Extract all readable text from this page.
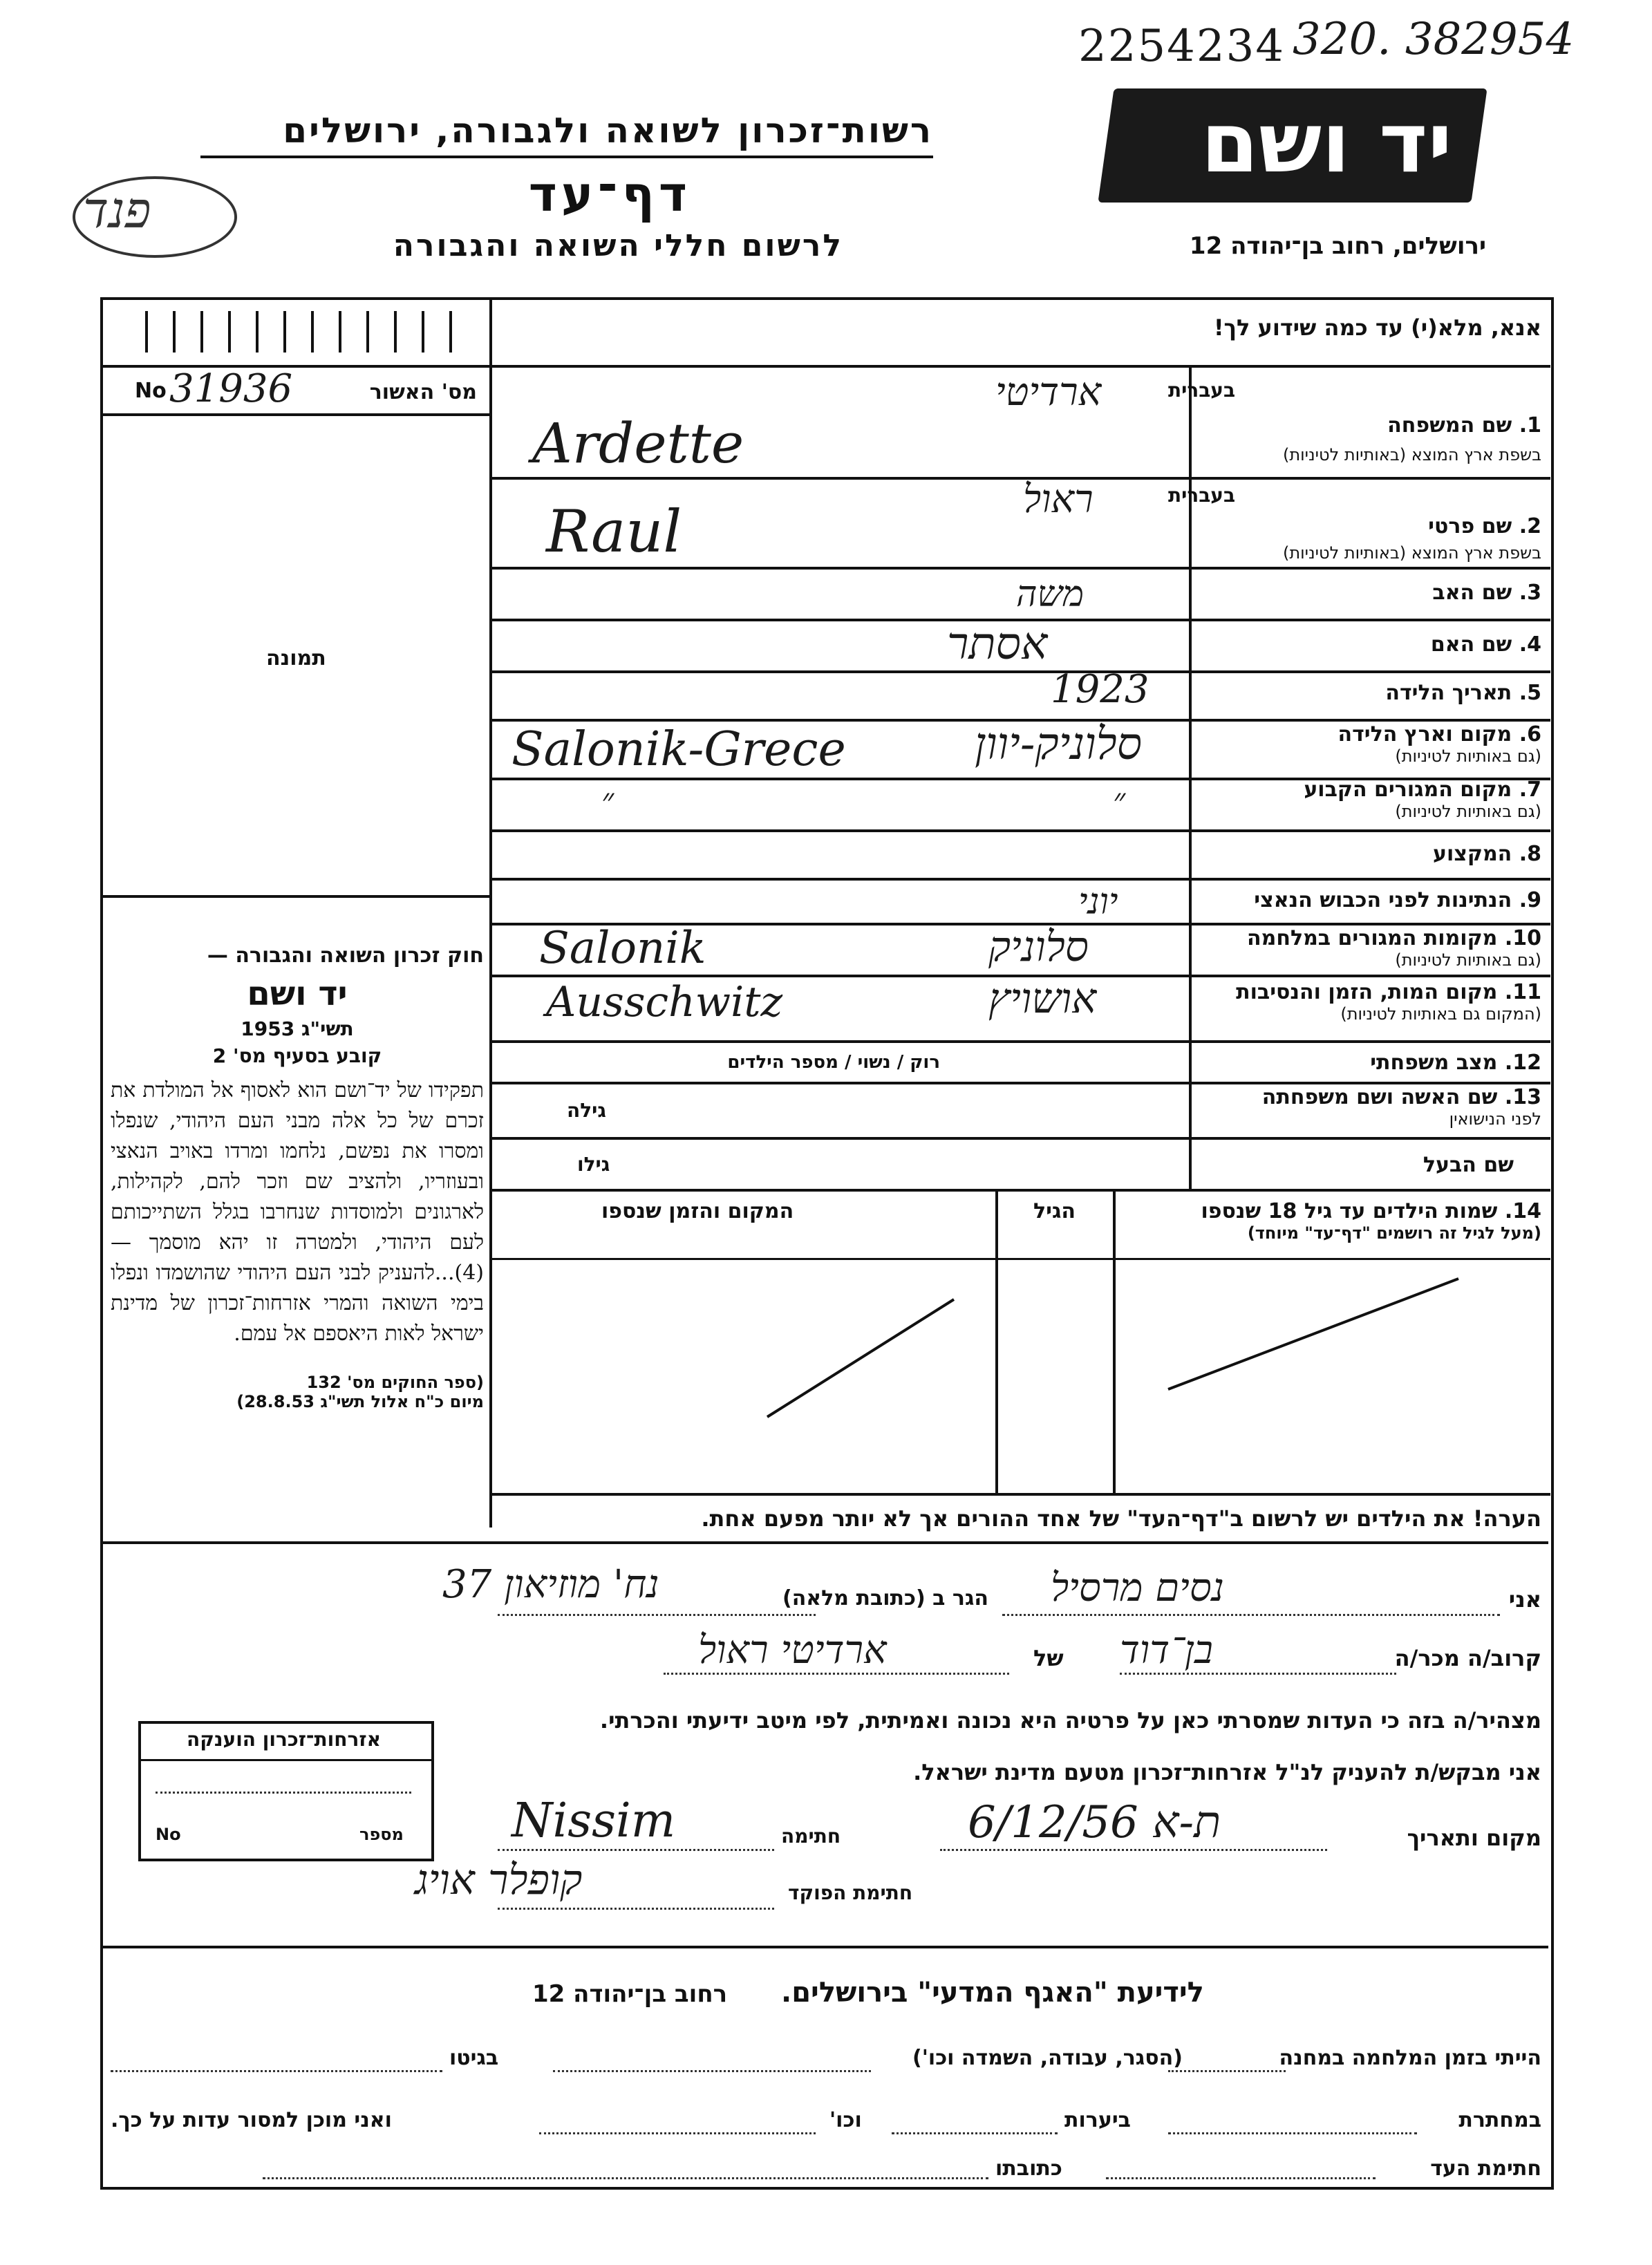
2254234 320. 382954
רשות־זכרון לשואה ולגבורה, ירושלים
דף־עד
לרשום חללי השואה והגבורה
פנד
יד ושם
ירושלים, רחוב בן־יהודה 12
אנא, מלא(י) עד כמה שידוע לך!
No 31936	מס' האשור
תמונה
בעברית
1. שם המשפחה
בשפת ארץ המוצא (באותיות לטיניות)
ארדיטי
Ardette
בעברית
2. שם פרטי
בשפת ארץ המוצא (באותיות לטיניות)
ראול
Raul
3. שם האב
משה
4. שם האם
אסתר
5. תאריך הלידה
1923
6. מקום וארץ הלידה
(גם באותיות לטיניות)
סלוניק-יוון
Salonik-Grece
7. מקום המגורים הקבוע
(גם באותיות לטיניות)
״	״
8. המקצוע
9. הנתינות לפני הכבוש הנאצי
יוני
10. מקומות המגורים במלחמה
(גם באותיות לטיניות)
סלוניק
Salonik
11. מקום המות, הזמן והנסיבות
(המקום גם באותיות לטיניות)
אושויץ
Ausschwitz
12. מצב משפחתי
רוק / נשוי / מספר הילדים
13. שם האשה ושם משפחתה
לפני הנישואין
גילה
שם הבעל
גילו
14. שמות הילדים עד גיל 18 שנספו
(מעל לגיל זה רושמים "דף־עד" מיוחד)
הגיל
המקום והזמן שנספו
חוק זכרון השואה והגבורה —
יד ושם
תשי"ג 1953
קובע בסעיף מס' 2
תפקידו של יד־ושם הוא לאסוף אל המולדת את זכרם של כל אלה מבני העם היהודי, שנפלו ומסרו את נפשם, נלחמו ומרדו באויב הנאצי ובעוזריו, ולהציב שם וזכר להם, לקהילות, לארגונים ולמוסדות שנחרבו בגלל השתייכותם לעם היהודי, ולמטרה זו יהא מוסמך — (4)...להעניק לבני העם היהודי שהושמדו ונפלו בימי השואה והמרי אזרחות־זכרון של מדינת ישראל לאות היאספם אל עמם.
(ספר החוקים מס' 132
מיום כ"ח אלול תשי"ג 28.8.53)
הערה! את הילדים יש לרשום ב"דף־העד" של אחד ההורים אך לא יותר מפעם אחת.
אני
נסים מרסיל
הגר ב (כתובת מלאה)
נח' מוזיאון 37
קרוב/ה מכר/ה
בן־דוד
של
ארדיטי ראול
מצהיר/ה בזה כי העדות שמסרתי כאן על פרטיה היא נכונה ואמיתית, לפי מיטב ידיעתי והכרתי.
אני מבקש/ת להעניק לנ"ל אזרחות־זכרון מטעם מדינת ישראל.
מקום ותאריך
ת-א 6/12/56
חתימה
Nissim
חתימת הפוקד
קופלר אויג
אזרחות־זכרון הוענקה
מספר
No
לידיעת "האגף המדעי" בירושלים.
רחוב בן־יהודה 12
הייתי בזמן המלחמה במחנה
(הסגר, עבודה, השמדה וכו')
בגיטו
במחתרת
ביערות
וכו'
ואני מוכן למסור עדות על כך.
חתימת העד
כתובתו
